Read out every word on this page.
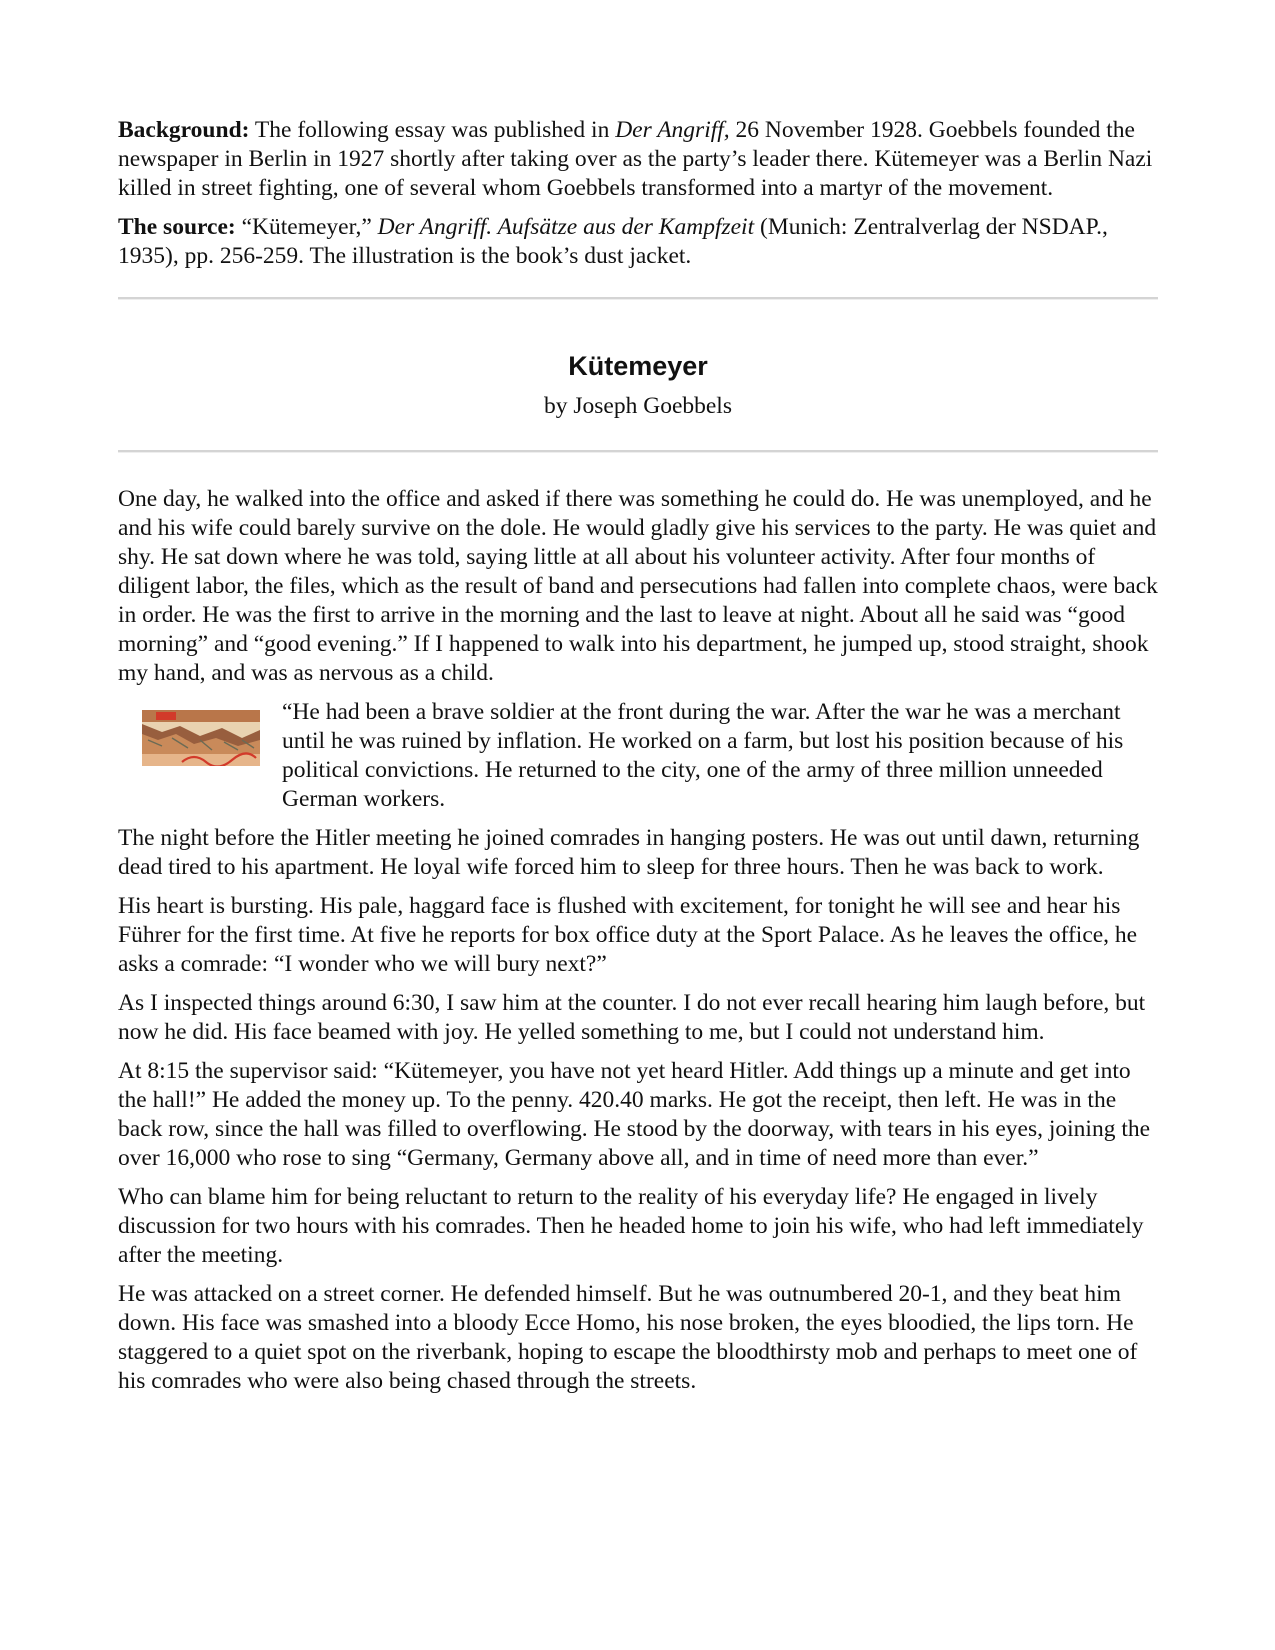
Background: The following essay was published in Der Angriff, 26 November 1928. Goebbels founded the newspaper in Berlin in 1927 shortly after taking over as the party’s leader there. Kütemeyer was a Berlin Nazi killed in street fighting, one of several whom Goebbels transformed into a martyr of the movement.

The source: “Kütemeyer,” Der Angriff. Aufsätze aus der Kampfzeit (Munich: Zentralverlag der NSDAP., 1935), pp. 256-259. The illustration is the book’s dust jacket.

Kütemeyer
by Joseph Goebbels

One day, he walked into the office and asked if there was something he could do. He was unemployed, and he and his wife could barely survive on the dole. He would gladly give his services to the party. He was quiet and shy. He sat down where he was told, saying little at all about his volunteer activity. After four months of diligent labor, the files, which as the result of band and persecutions had fallen into complete chaos, were back in order. He was the first to arrive in the morning and the last to leave at night. About all he said was “good morning” and “good evening.” If I happened to walk into his department, he jumped up, stood straight, shook my hand, and was as nervous as a child.

“He had been a brave soldier at the front during the war. After the war he was a merchant until he was ruined by inflation. He worked on a farm, but lost his position because of his political convictions. He returned to the city, one of the army of three million unneeded German workers.

The night before the Hitler meeting he joined comrades in hanging posters. He was out until dawn, returning dead tired to his apartment. He loyal wife forced him to sleep for three hours. Then he was back to work.

His heart is bursting. His pale, haggard face is flushed with excitement, for tonight he will see and hear his Führer for the first time. At five he reports for box office duty at the Sport Palace. As he leaves the office, he asks a comrade: “I wonder who we will bury next?”

As I inspected things around 6:30, I saw him at the counter. I do not ever recall hearing him laugh before, but now he did. His face beamed with joy. He yelled something to me, but I could not understand him.

At 8:15 the supervisor said: “Kütemeyer, you have not yet heard Hitler. Add things up a minute and get into the hall!” He added the money up. To the penny. 420.40 marks. He got the receipt, then left. He was in the back row, since the hall was filled to overflowing. He stood by the doorway, with tears in his eyes, joining the over 16,000 who rose to sing “Germany, Germany above all, and in time of need more than ever.”

Who can blame him for being reluctant to return to the reality of his everyday life? He engaged in lively discussion for two hours with his comrades. Then he headed home to join his wife, who had left immediately after the meeting.

He was attacked on a street corner. He defended himself. But he was outnumbered 20-1, and they beat him down. His face was smashed into a bloody Ecce Homo, his nose broken, the eyes bloodied, the lips torn. He staggered to a quiet spot on the riverbank, hoping to escape the bloodthirsty mob and perhaps to meet one of his comrades who were also being chased through the streets.
